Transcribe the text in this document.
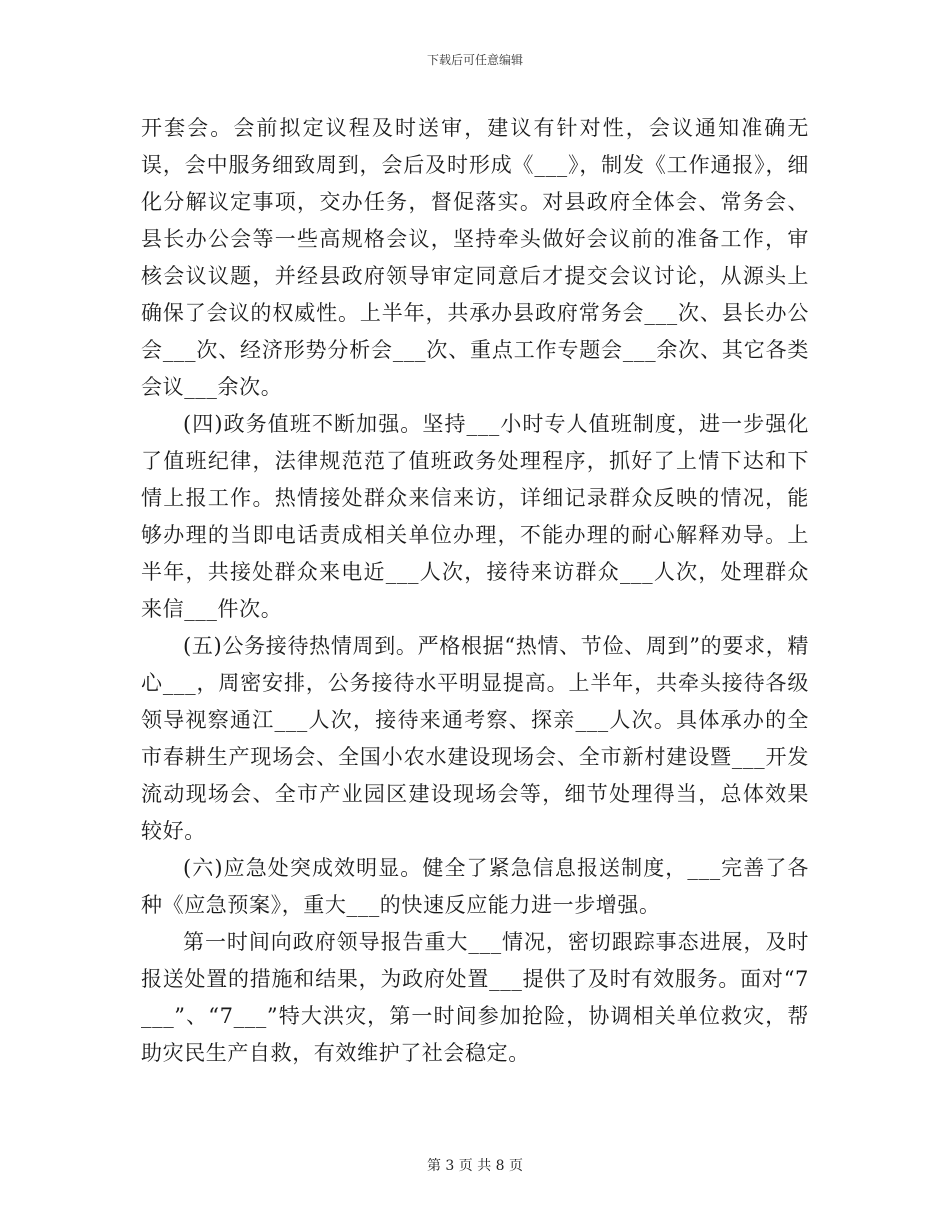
下载后可任意编辑

开套会。会前拟定议程及时送审，建议有针对性，会议通知准确无误，会中服务细致周到，会后及时形成《___》，制发《工作通报》，细化分解议定事项，交办任务，督促落实。对县政府全体会、常务会、县长办公会等一些高规格会议，坚持牵头做好会议前的准备工作，审核会议议题，并经县政府领导审定同意后才提交会议讨论，从源头上确保了会议的权威性。上半年，共承办县政府常务会___次、县长办公会___次、经济形势分析会___次、重点工作专题会___余次、其它各类会议___余次。

(四)政务值班不断加强。坚持___小时专人值班制度，进一步强化了值班纪律，法律规范范了值班政务处理程序，抓好了上情下达和下情上报工作。热情接处群众来信来访，详细记录群众反映的情况，能够办理的当即电话责成相关单位办理，不能办理的耐心解释劝导。上半年，共接处群众来电近___人次，接待来访群众___人次，处理群众来信___件次。

(五)公务接待热情周到。严格根据“热情、节俭、周到”的要求，精心___，周密安排，公务接待水平明显提高。上半年，共牵头接待各级领导视察通江___人次，接待来通考察、探亲___人次。具体承办的全市春耕生产现场会、全国小农水建设现场会、全市新村建设暨___开发流动现场会、全市产业园区建设现场会等，细节处理得当，总体效果较好。

(六)应急处突成效明显。健全了紧急信息报送制度，___完善了各种《应急预案》，重大___的快速反应能力进一步增强。

第一时间向政府领导报告重大___情况，密切跟踪事态进展，及时报送处置的措施和结果，为政府处置___提供了及时有效服务。面对“7___”、“7___”特大洪灾，第一时间参加抢险，协调相关单位救灾，帮助灾民生产自救，有效维护了社会稳定。

第 3 页 共 8 页
